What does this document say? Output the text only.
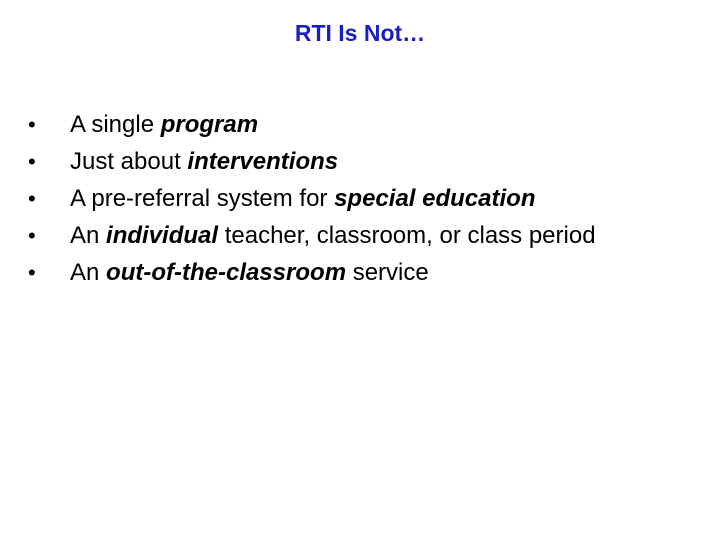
RTI Is Not…
•	A single program
•	Just about interventions
•	A pre-referral system for special education
•	An individual teacher, classroom, or class period
•	An out-of-the-classroom service
